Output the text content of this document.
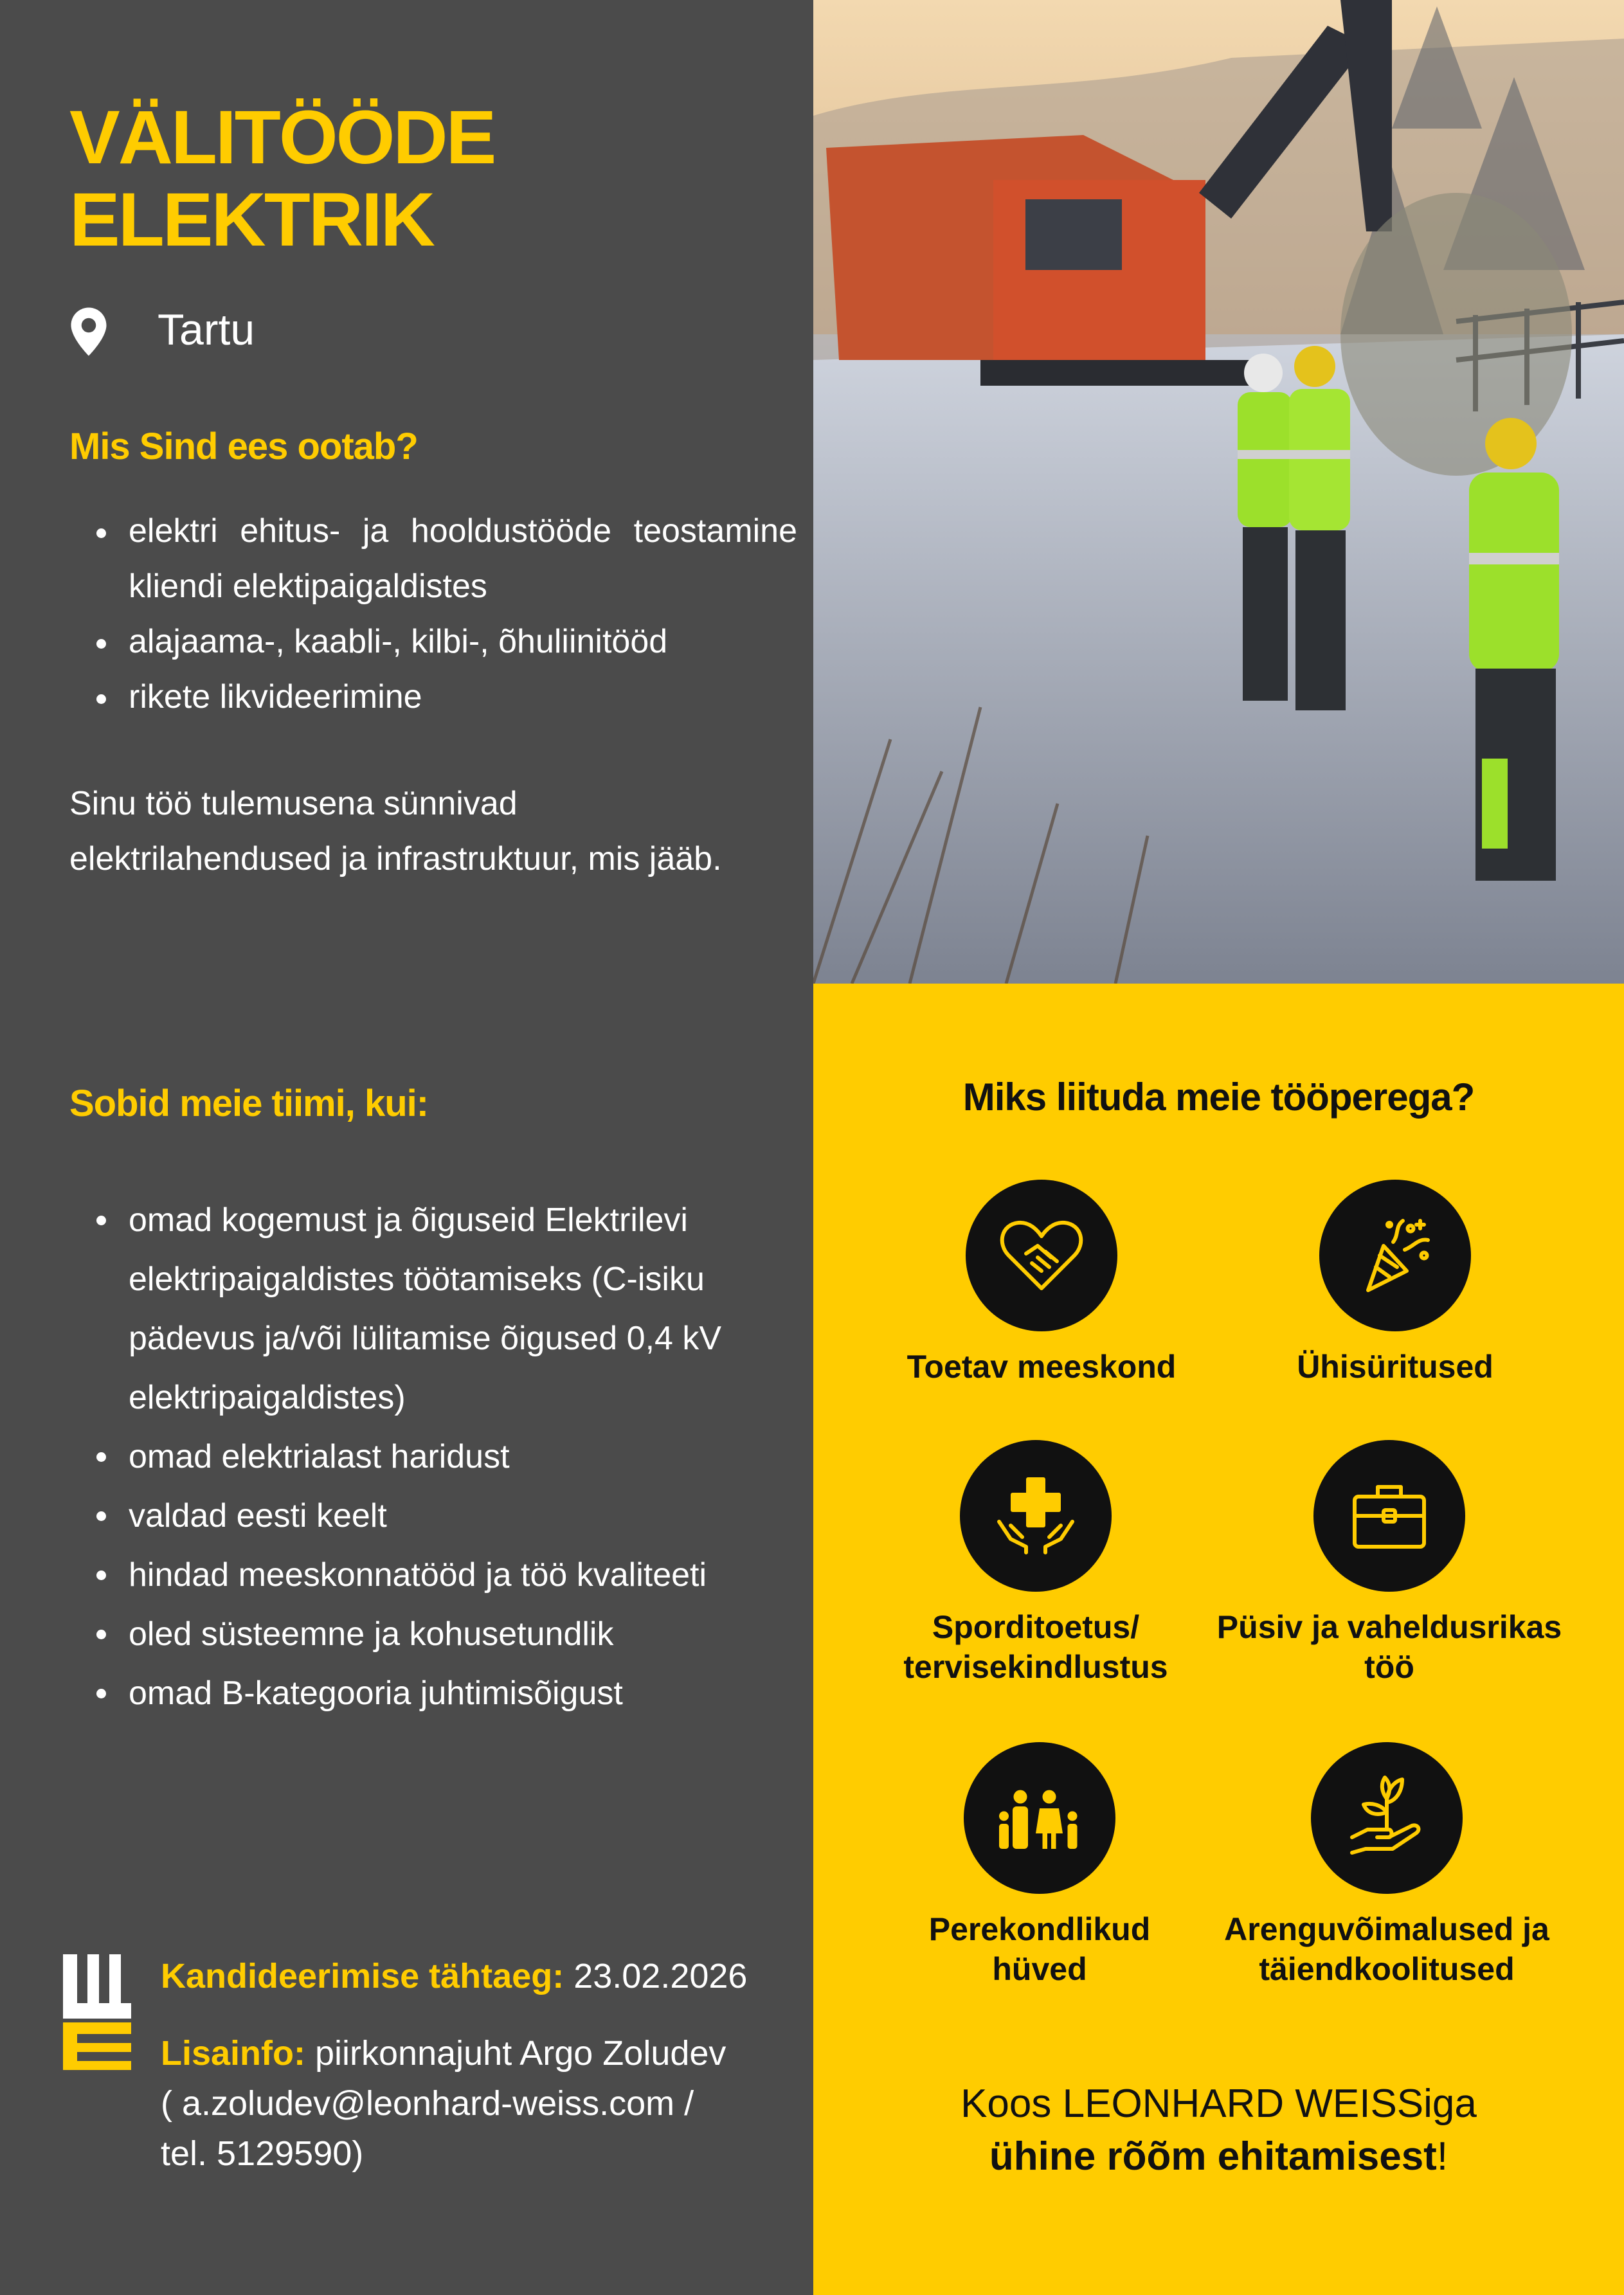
VÄLITÖÖDE
ELEKTRIK
Tartu
Mis Sind ees ootab?
elektri ehitus- ja hooldustööde teostamine kliendi elektipaigaldistes
alajaama-, kaabli-, kilbi-, õhuliinitööd
rikete likvideerimine

Sinu töö tulemusena sünnivad elektrilahendused ja infrastruktuur, mis jääb.

Sobid meie tiimi, kui:
omad kogemust ja õiguseid Elektrilevi elektripaigaldistes töötamiseks (C-isiku pädevus ja/või lülitamise õigused 0,4 kV elektripaigaldistes)
omad elektrialast haridust
valdad eesti keelt
hindad meeskonnatööd ja töö kvaliteeti
oled süsteemne ja kohusetundlik
omad B-kategooria juhtimisõigust

Kandideerimise tähtaeg: 23.02.2026

Lisainfo: piirkonnajuht Argo Zoludev
( a.zoludev@leonhard-weiss.com /
tel. 5129590)

Miks liituda meie tööperega?
Toetav meeskond	Ühisüritused
Sporditoetus/
tervisekindlustus
Püsiv ja vaheldusrikas
töö
Perekondlikud
hüved
Arenguvõimalused ja
täiendkoolitused

Koos LEONHARD WEISSiga
ühine rõõm ehitamisest!
